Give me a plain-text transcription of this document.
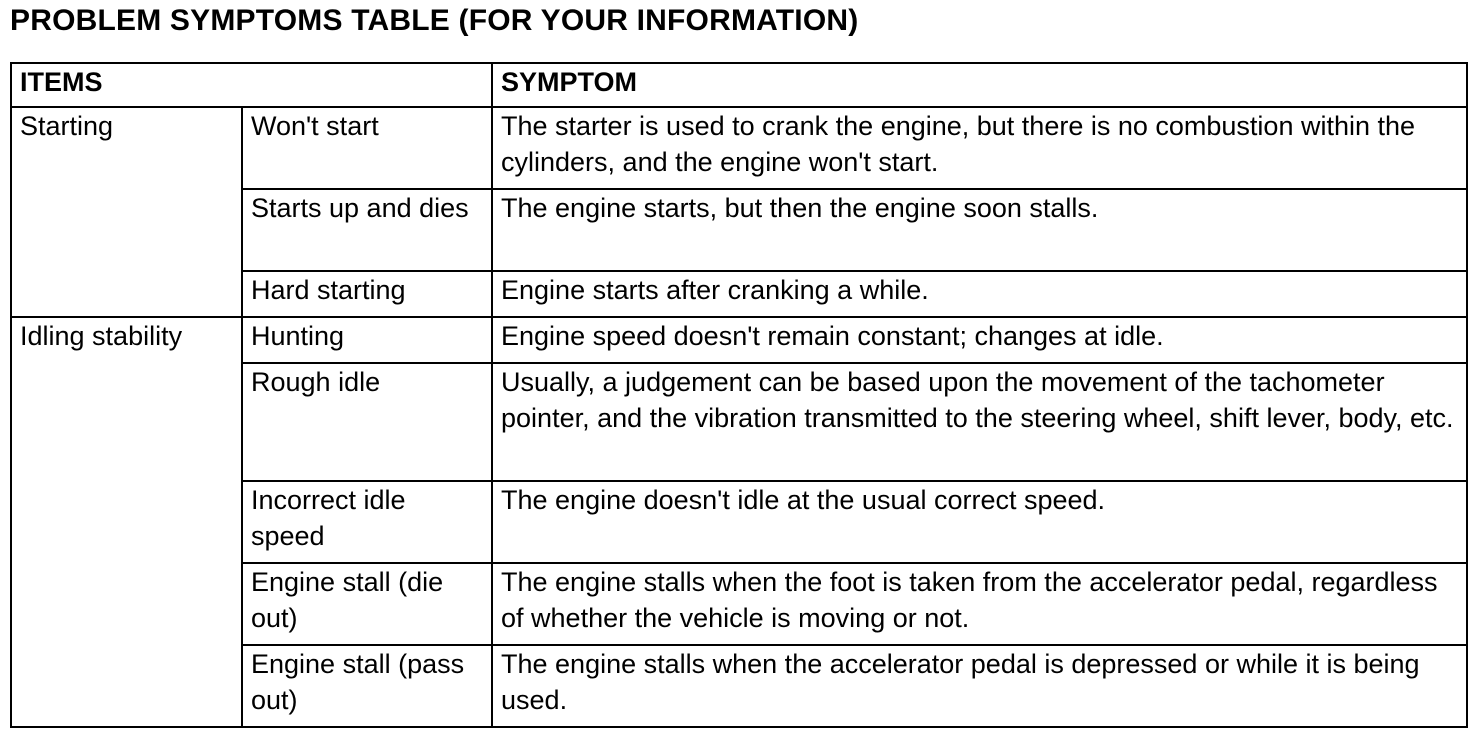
PROBLEM SYMPTOMS TABLE (FOR YOUR INFORMATION)
ITEMS		SYMPTOM
Starting	Won't start	The starter is used to crank the engine, but there is no combustion within the cylinders, and the engine won't start.
	Starts up and dies	The engine starts, but then the engine soon stalls.
	Hard starting	Engine starts after cranking a while.
Idling stability	Hunting	Engine speed doesn't remain constant; changes at idle.
	Rough idle	Usually, a judgement can be based upon the movement of the tachometer pointer, and the vibration transmitted to the steering wheel, shift lever, body, etc.
	Incorrect idle speed	The engine doesn't idle at the usual correct speed.
	Engine stall (die out)	The engine stalls when the foot is taken from the accelerator pedal, regardless of whether the vehicle is moving or not.
	Engine stall (pass out)	The engine stalls when the accelerator pedal is depressed or while it is being used.
